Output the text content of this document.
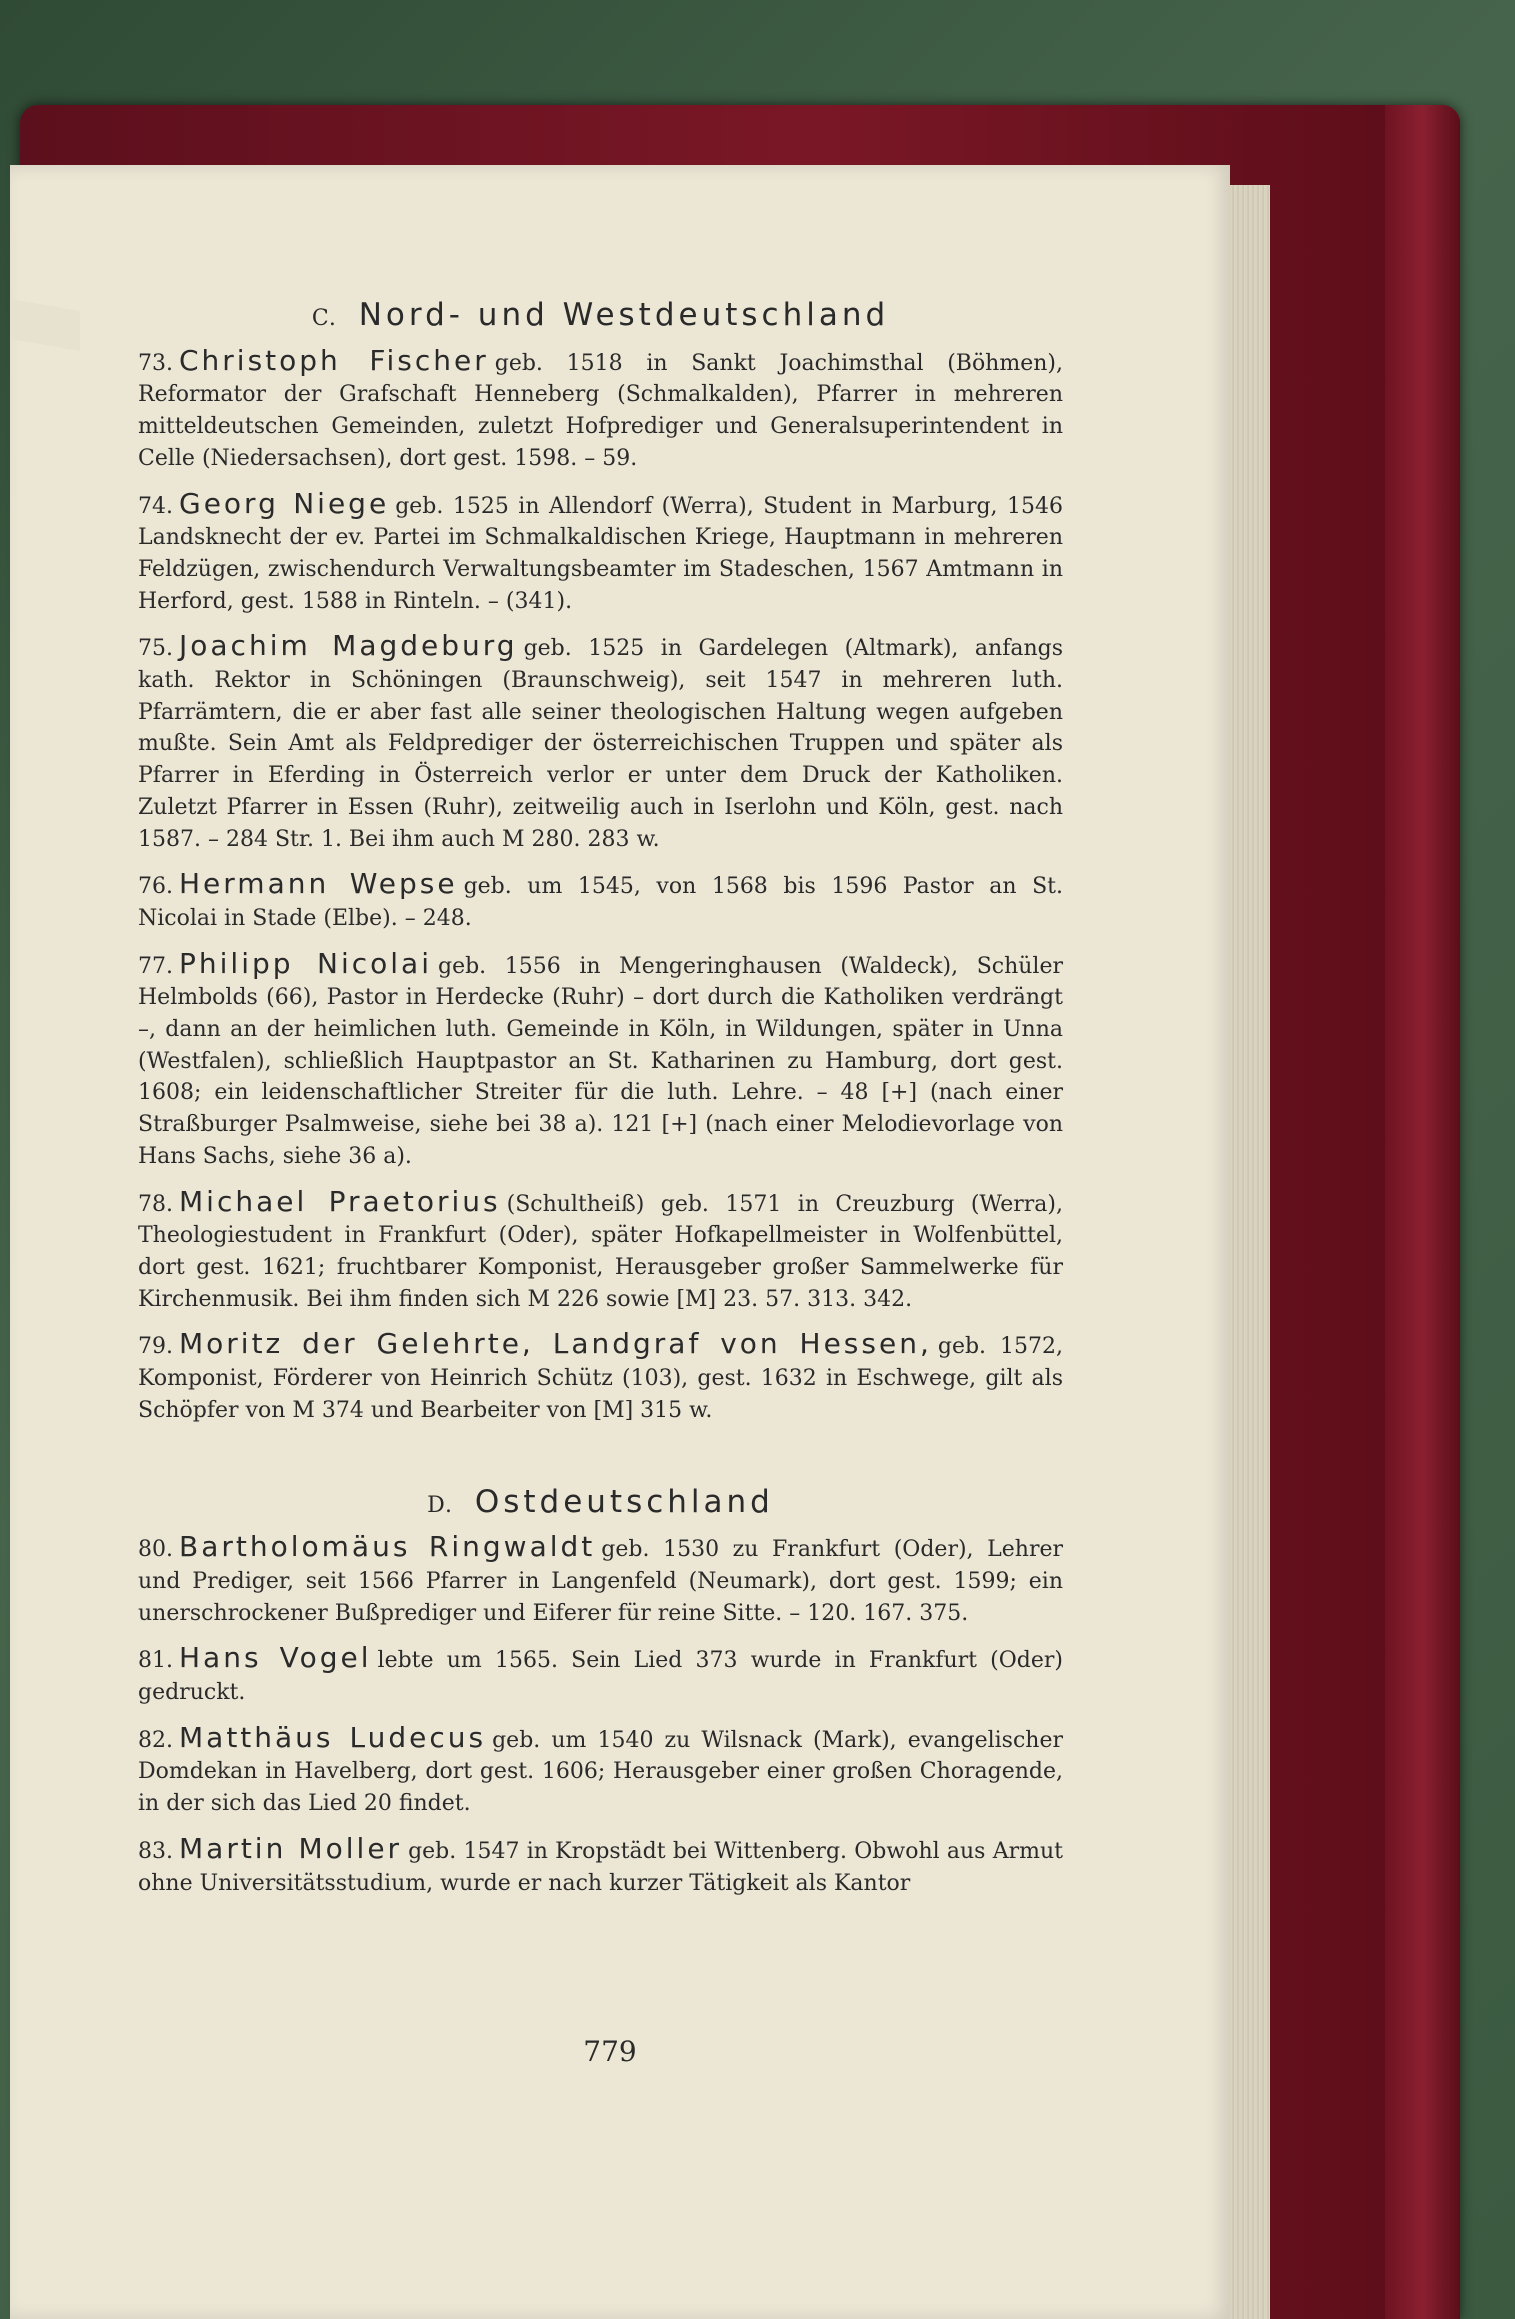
C. Nord- und Westdeutschland

73. Christoph Fischer geb. 1518 in Sankt Joachimsthal (Böhmen), Reformator der Grafschaft Henneberg (Schmalkalden), Pfarrer in mehreren mitteldeutschen Gemeinden, zuletzt Hofprediger und Generalsuperintendent in Celle (Niedersachsen), dort gest. 1598. – 59.

74. Georg Niege geb. 1525 in Allendorf (Werra), Student in Marburg, 1546 Landsknecht der ev. Partei im Schmalkaldischen Kriege, Hauptmann in mehreren Feldzügen, zwischendurch Verwaltungsbeamter im Stadeschen, 1567 Amtmann in Herford, gest. 1588 in Rinteln. – (341).

75. Joachim Magdeburg geb. 1525 in Gardelegen (Altmark), anfangs kath. Rektor in Schöningen (Braunschweig), seit 1547 in mehreren luth. Pfarrämtern, die er aber fast alle seiner theologischen Haltung wegen aufgeben mußte. Sein Amt als Feldprediger der österreichischen Truppen und später als Pfarrer in Eferding in Österreich verlor er unter dem Druck der Katholiken. Zuletzt Pfarrer in Essen (Ruhr), zeitweilig auch in Iserlohn und Köln, gest. nach 1587. – 284 Str. 1. Bei ihm auch M 280. 283 w.

76. Hermann Wepse geb. um 1545, von 1568 bis 1596 Pastor an St. Nicolai in Stade (Elbe). – 248.

77. Philipp Nicolai geb. 1556 in Mengeringhausen (Waldeck), Schüler Helmbolds (66), Pastor in Herdecke (Ruhr) – dort durch die Katholiken verdrängt –, dann an der heimlichen luth. Gemeinde in Köln, in Wildungen, später in Unna (Westfalen), schließlich Hauptpastor an St. Katharinen zu Hamburg, dort gest. 1608; ein leidenschaftlicher Streiter für die luth. Lehre. – 48 [+] (nach einer Straßburger Psalmweise, siehe bei 38 a). 121 [+] (nach einer Melodievorlage von Hans Sachs, siehe 36 a).

78. Michael Praetorius (Schultheiß) geb. 1571 in Creuzburg (Werra), Theologiestudent in Frankfurt (Oder), später Hofkapellmeister in Wolfenbüttel, dort gest. 1621; fruchtbarer Komponist, Herausgeber großer Sammelwerke für Kirchenmusik. Bei ihm finden sich M 226 sowie [M] 23. 57. 313. 342.

79. Moritz der Gelehrte, Landgraf von Hessen, geb. 1572, Komponist, Förderer von Heinrich Schütz (103), gest. 1632 in Eschwege, gilt als Schöpfer von M 374 und Bearbeiter von [M] 315 w.

D. Ostdeutschland

80. Bartholomäus Ringwaldt geb. 1530 zu Frankfurt (Oder), Lehrer und Prediger, seit 1566 Pfarrer in Langenfeld (Neumark), dort gest. 1599; ein unerschrockener Bußprediger und Eiferer für reine Sitte. – 120. 167. 375.

81. Hans Vogel lebte um 1565. Sein Lied 373 wurde in Frankfurt (Oder) gedruckt.

82. Matthäus Ludecus geb. um 1540 zu Wilsnack (Mark), evangelischer Domdekan in Havelberg, dort gest. 1606; Herausgeber einer großen Choragende, in der sich das Lied 20 findet.

83. Martin Moller geb. 1547 in Kropstädt bei Wittenberg. Obwohl aus Armut ohne Universitätsstudium, wurde er nach kurzer Tätigkeit als Kantor

779
